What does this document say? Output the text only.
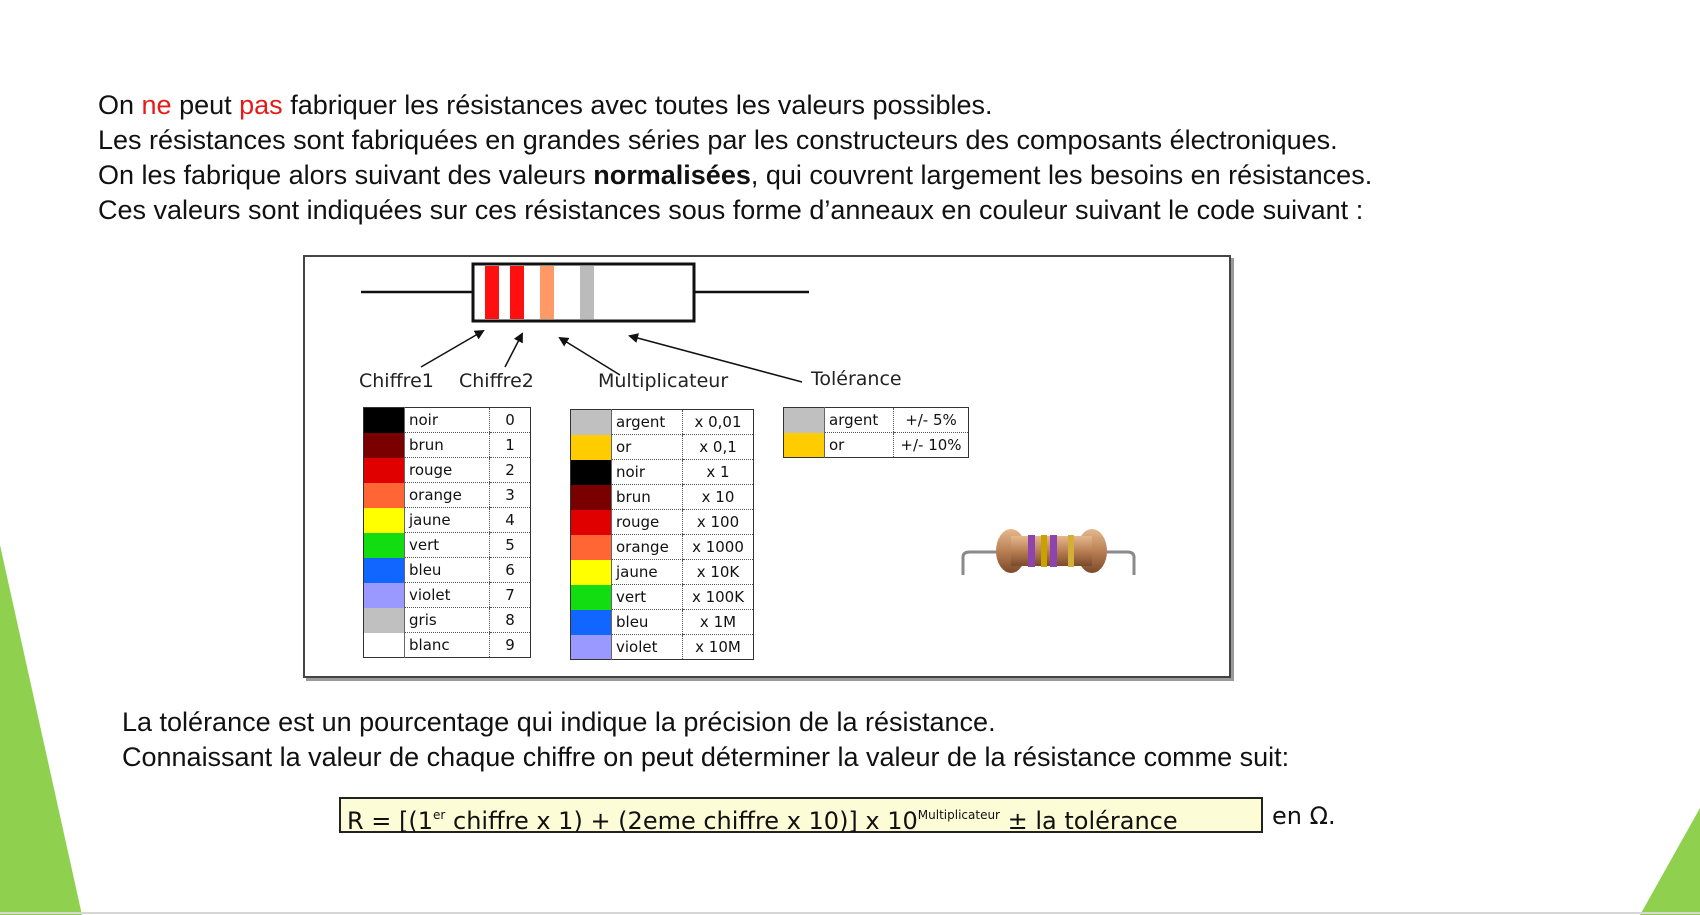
On ne peut pas fabriquer les résistances avec toutes les valeurs possibles.
Les résistances sont fabriquées en grandes séries par les constructeurs des composants électroniques.
On les fabrique alors suivant des valeurs normalisées, qui couvrent largement les besoins en résistances.
Ces valeurs sont indiquées sur ces résistances sous forme d’anneaux en couleur suivant le code suivant :
Chiffre1 Chiffre2	Multiplicateur	Tolérance
	noir	0
	brun	1
	rouge	2
	orange	3
	jaune	4
	vert	5
	bleu	6
	violet	7
	gris	8
	blanc	9
	argent	x 0,01
	or	x 0,1
	noir	x 1
	brun	x 10
	rouge	x 100
	orange	x 1000
	jaune	x 10K
	vert	x 100K
	bleu	x 1M
	violet	x 10M
	argent	+/- 5%
	or	+/- 10%
La tolérance est un pourcentage qui indique la précision de la résistance.
Connaissant la valeur de chaque chiffre on peut déterminer la valeur de la résistance comme suit:
R = [(1er chiffre x 1) + (2eme chiffre x 10)] x $10^{Multiplicateur}$ ± la tolérance	en Ω.
